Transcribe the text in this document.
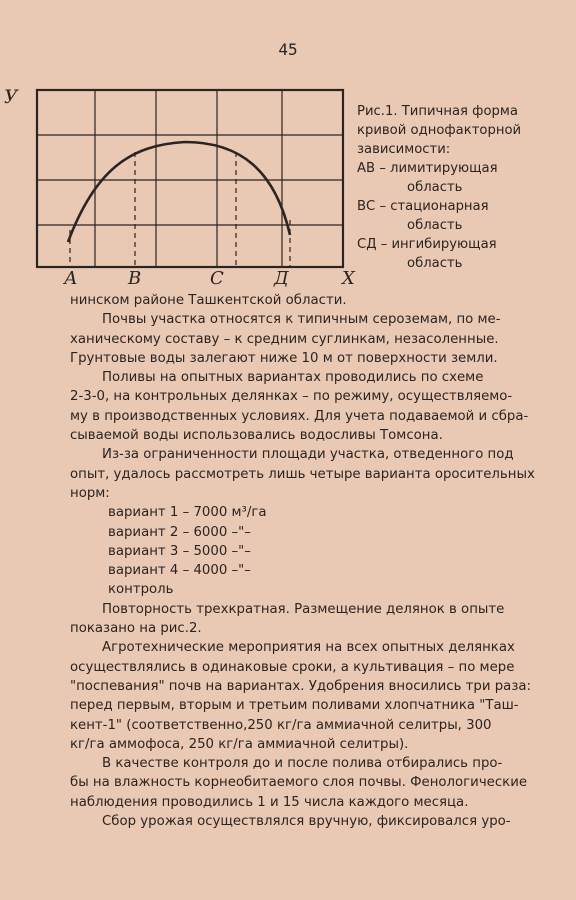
45
У
Х
А	В	С	Д
Рис.1. Типичная форма
кривой однофакторной
зависимости:
АВ – лимитирующая
область
ВС – стационарная
область
СД – ингибирующая
область
нинском районе Ташкентской области.
Почвы участка относятся к типичным сероземам, по ме-
ханическому составу – к средним суглинкам, незасоленные.
Грунтовые воды залегают ниже 10 м от поверхности земли.
Поливы на опытных вариантах проводились по схеме
2-3-0, на контрольных делянках – по режиму, осуществляемо-
му в производственных условиях. Для учета подаваемой и сбра-
сываемой воды использовались водосливы Томсона.
Из-за ограниченности площади участка, отведенного под
опыт, удалось рассмотреть лишь четыре варианта оросительных
норм:
вариант 1 – 7000 м³/га
вариант 2 – 6000 –"–
вариант 3 – 5000 –"–
вариант 4 – 4000 –"–
контроль
Повторность трехкратная. Размещение делянок в опыте
показано на рис.2.
Агротехнические мероприятия на всех опытных делянках
осуществлялись в одинаковые сроки, а культивация – по мере
"поспевания" почв на вариантах. Удобрения вносились три раза:
перед первым, вторым и третьим поливами хлопчатника "Таш-
кент-1" (соответственно,250 кг/га аммиачной селитры, 300
кг/га аммофоса, 250 кг/га аммиачной селитры).
В качестве контроля до и после полива отбирались про-
бы на влажность корнеобитаемого слоя почвы. Фенологические
наблюдения проводились 1 и 15 числа каждого месяца.
Сбор урожая осуществлялся вручную, фиксировался уро-
